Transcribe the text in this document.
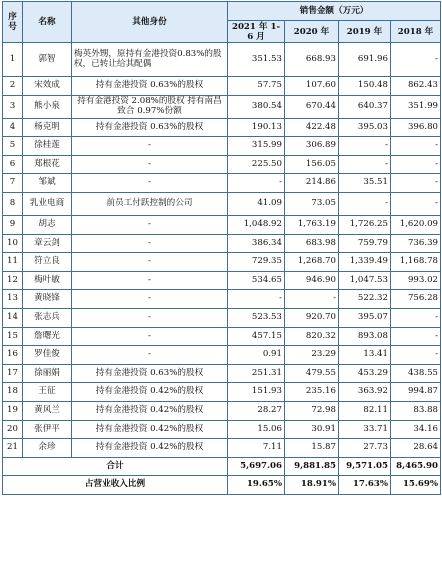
序号	名称	其他身份	销售金额（万元）			
			2021 年 1-6 月	2020 年	2019 年	2018 年
1	郭智	梅英外甥，原持有金港投资0.83%的股权，已转让给其配偶	351.53	668.93	691.96	-
2	宋效成	持有金港投资 0.63%的股权	57.75	107.60	150.48	862.43
3	熊小泉	持有金港投资 2.08%的股权 持有南昌致合 0.97%份额	380.54	670.44	640.37	351.99
4	杨克明	持有金港投资 0.63%的股权	190.13	422.48	395.03	396.80
5	徐桂莲	-	315.99	306.89	-	-
6	郑根花	-	225.50	156.05	-	-
7	邹斌	-	-	214.86	35.51	-
8	乳业电商	前员工付跃控制的公司	41.09	73.05	-	-
9	胡志	-	1,048.92	1,763.19	1,726.25	1,620.09
10	章云剑	-	386.34	683.98	759.79	736.39
11	符立良	-	729.35	1,268.70	1,339.49	1,168.78
12	梅叶敏	-	534.65	946.90	1,047.53	993.02
13	黄晓锋	-	-	-	522.32	756.28
14	张志兵	-	523.53	920.70	395.07	-
15	詹曙光	-	457.15	820.32	893.08	-
16	罗佳俊	-	0.91	23.29	13.41	-
17	徐丽娟	持有金港投资 0.63%的股权	251.31	479.55	453.29	438.55
18	王征	持有金港投资 0.42%的股权	151.93	235.16	363.92	994.87
19	黄风兰	持有金港投资 0.42%的股权	28.27	72.98	82.11	83.88
20	张伊平	持有金港投资 0.42%的股权	15.06	30.91	33.71	34.16
21	余珍	持有金港投资 0.42%的股权	7.11	15.87	27.73	28.64
合计			5,697.06	9,881.85	9,571.05	8,465.90
占营业收入比例			19.65%	18.91%	17.63%	15.69%
